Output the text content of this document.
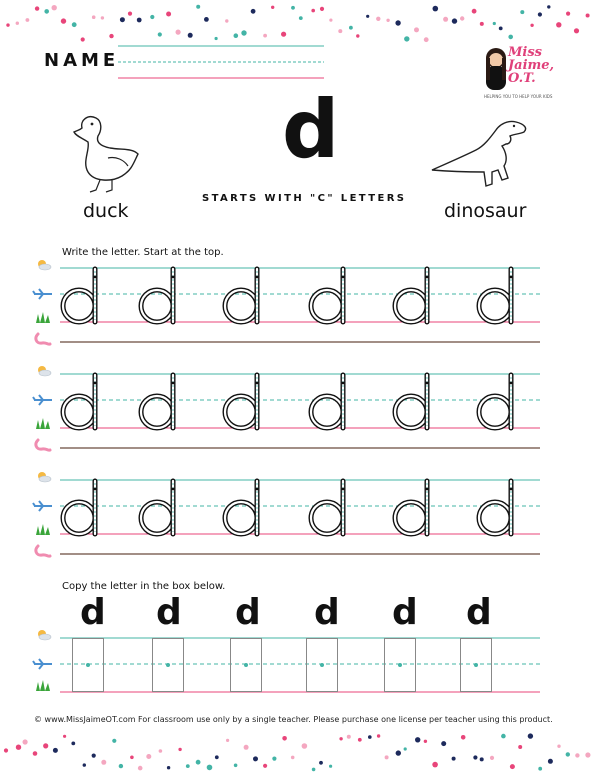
NAME	Miss
Jaime,
O.T.
HELPING YOU TO HELP YOUR KIDS
d
STARTS WITH "C" LETTERS
duck	dinosaur
Write the letter. Start at the top.
Copy the letter in the box below.
d d d d d d
© www.MissJaimeOT.com For classroom use only by a single teacher. Please purchase one license per teacher using this product.
